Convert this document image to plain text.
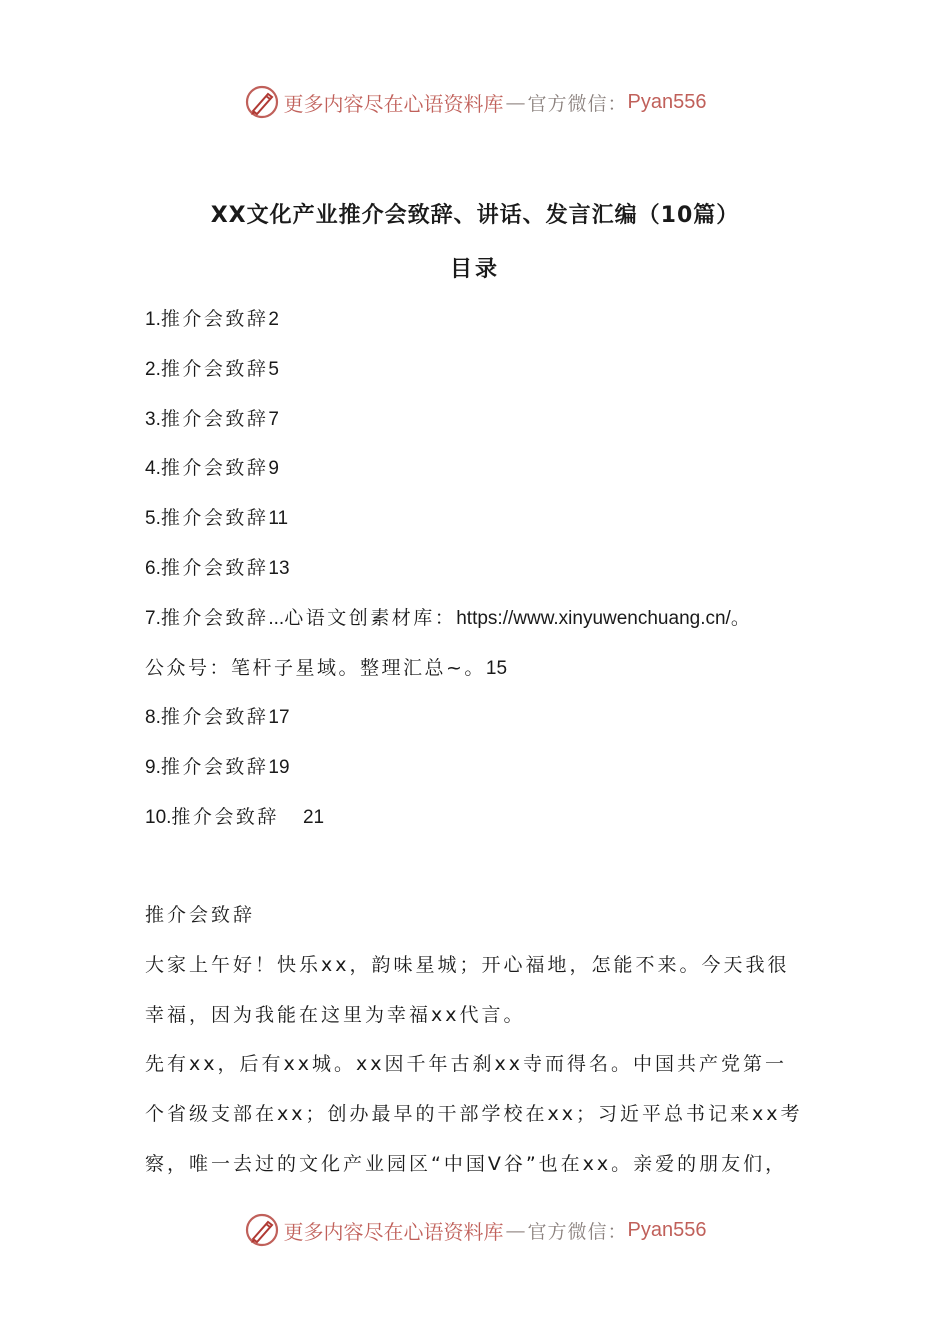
更多内容尽在心语资料库 — 官方微信： Pyan556
XX文化产业推介会致辞、讲话、发言汇编（10篇）
目录
1.推介会致辞2
2.推介会致辞5
3.推介会致辞7
4.推介会致辞9
5.推介会致辞11
6.推介会致辞13
7.推介会致辞...心语文创素材库：https://www.xinyuwenchuang.cn/。
公众号：笔杆子星域。整理汇总~。15
8.推介会致辞17
9.推介会致辞19
10.推介会致辞 21
推介会致辞
大家上午好！快乐xx，韵味星城；开心福地，怎能不来。今天我很
幸福，因为我能在这里为幸福xx代言。
先有xx，后有xx城。xx因千年古刹xx寺而得名。中国共产党第一
个省级支部在xx；创办最早的干部学校在xx；习近平总书记来xx考
察，唯一去过的文化产业园区“中国V谷”也在xx。亲爱的朋友们，
更多内容尽在心语资料库 — 官方微信： Pyan556
